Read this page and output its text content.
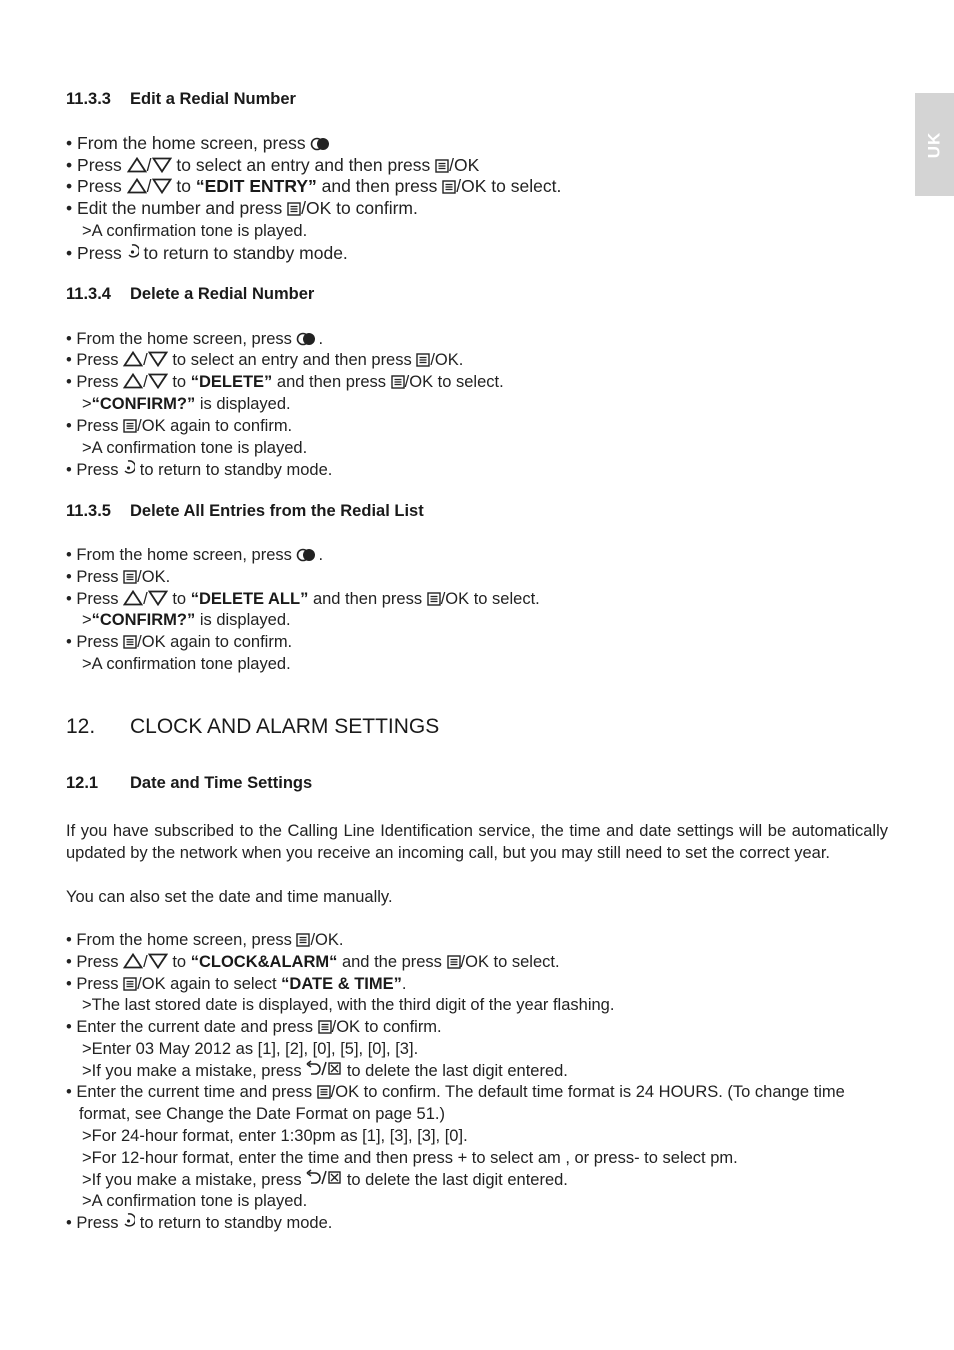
UK
11.3.3 Edit a Redial Number
• From the home screen, press
• Press / to select an entry and then press /OK
• Press / to “EDIT ENTRY” and then press /OK to select.
• Edit the number and press /OK to confirm.
>A confirmation tone is played.
• Press to return to standby mode.
11.3.4 Delete a Redial Number
• From the home screen, press .
• Press / to select an entry and then press /OK.
• Press / to “DELETE” and then press /OK to select.
>“CONFIRM?” is displayed.
• Press /OK again to confirm.
>A confirmation tone is played.
• Press to return to standby mode.
11.3.5 Delete All Entries from the Redial List
• From the home screen, press .
• Press /OK.
• Press / to “DELETE ALL” and then press /OK to select.
>“CONFIRM?” is displayed.
• Press /OK again to confirm.
>A confirmation tone played.
12. CLOCK AND ALARM SETTINGS
12.1 Date and Time Settings
If you have subscribed to the Calling Line Identification service, the time and date settings will be automatically updated by the network when you receive an incoming call, but you may still need to set the correct year.
You can also set the date and time manually.
• From the home screen, press /OK.
• Press / to “CLOCK&ALARM“ and the press /OK to select.
• Press /OK again to select “DATE & TIME”.
>The last stored date is displayed, with the third digit of the year flashing.
• Enter the current date and press /OK to confirm.
>Enter 03 May 2012 as [1], [2], [0], [5], [0], [3].
>If you make a mistake, press	to delete the last digit entered.
• Enter the current time and press /OK to confirm. The default time format is 24 HOURS. (To change time
format, see Change the Date Format on page 51.)
>For 24-hour format, enter 1:30pm as [1], [3], [3], [0].
>For 12-hour format, enter the time and then press + to select am , or press- to select pm.
>If you make a mistake, press	to delete the last digit entered.
>A confirmation tone is played.
• Press to return to standby mode.
